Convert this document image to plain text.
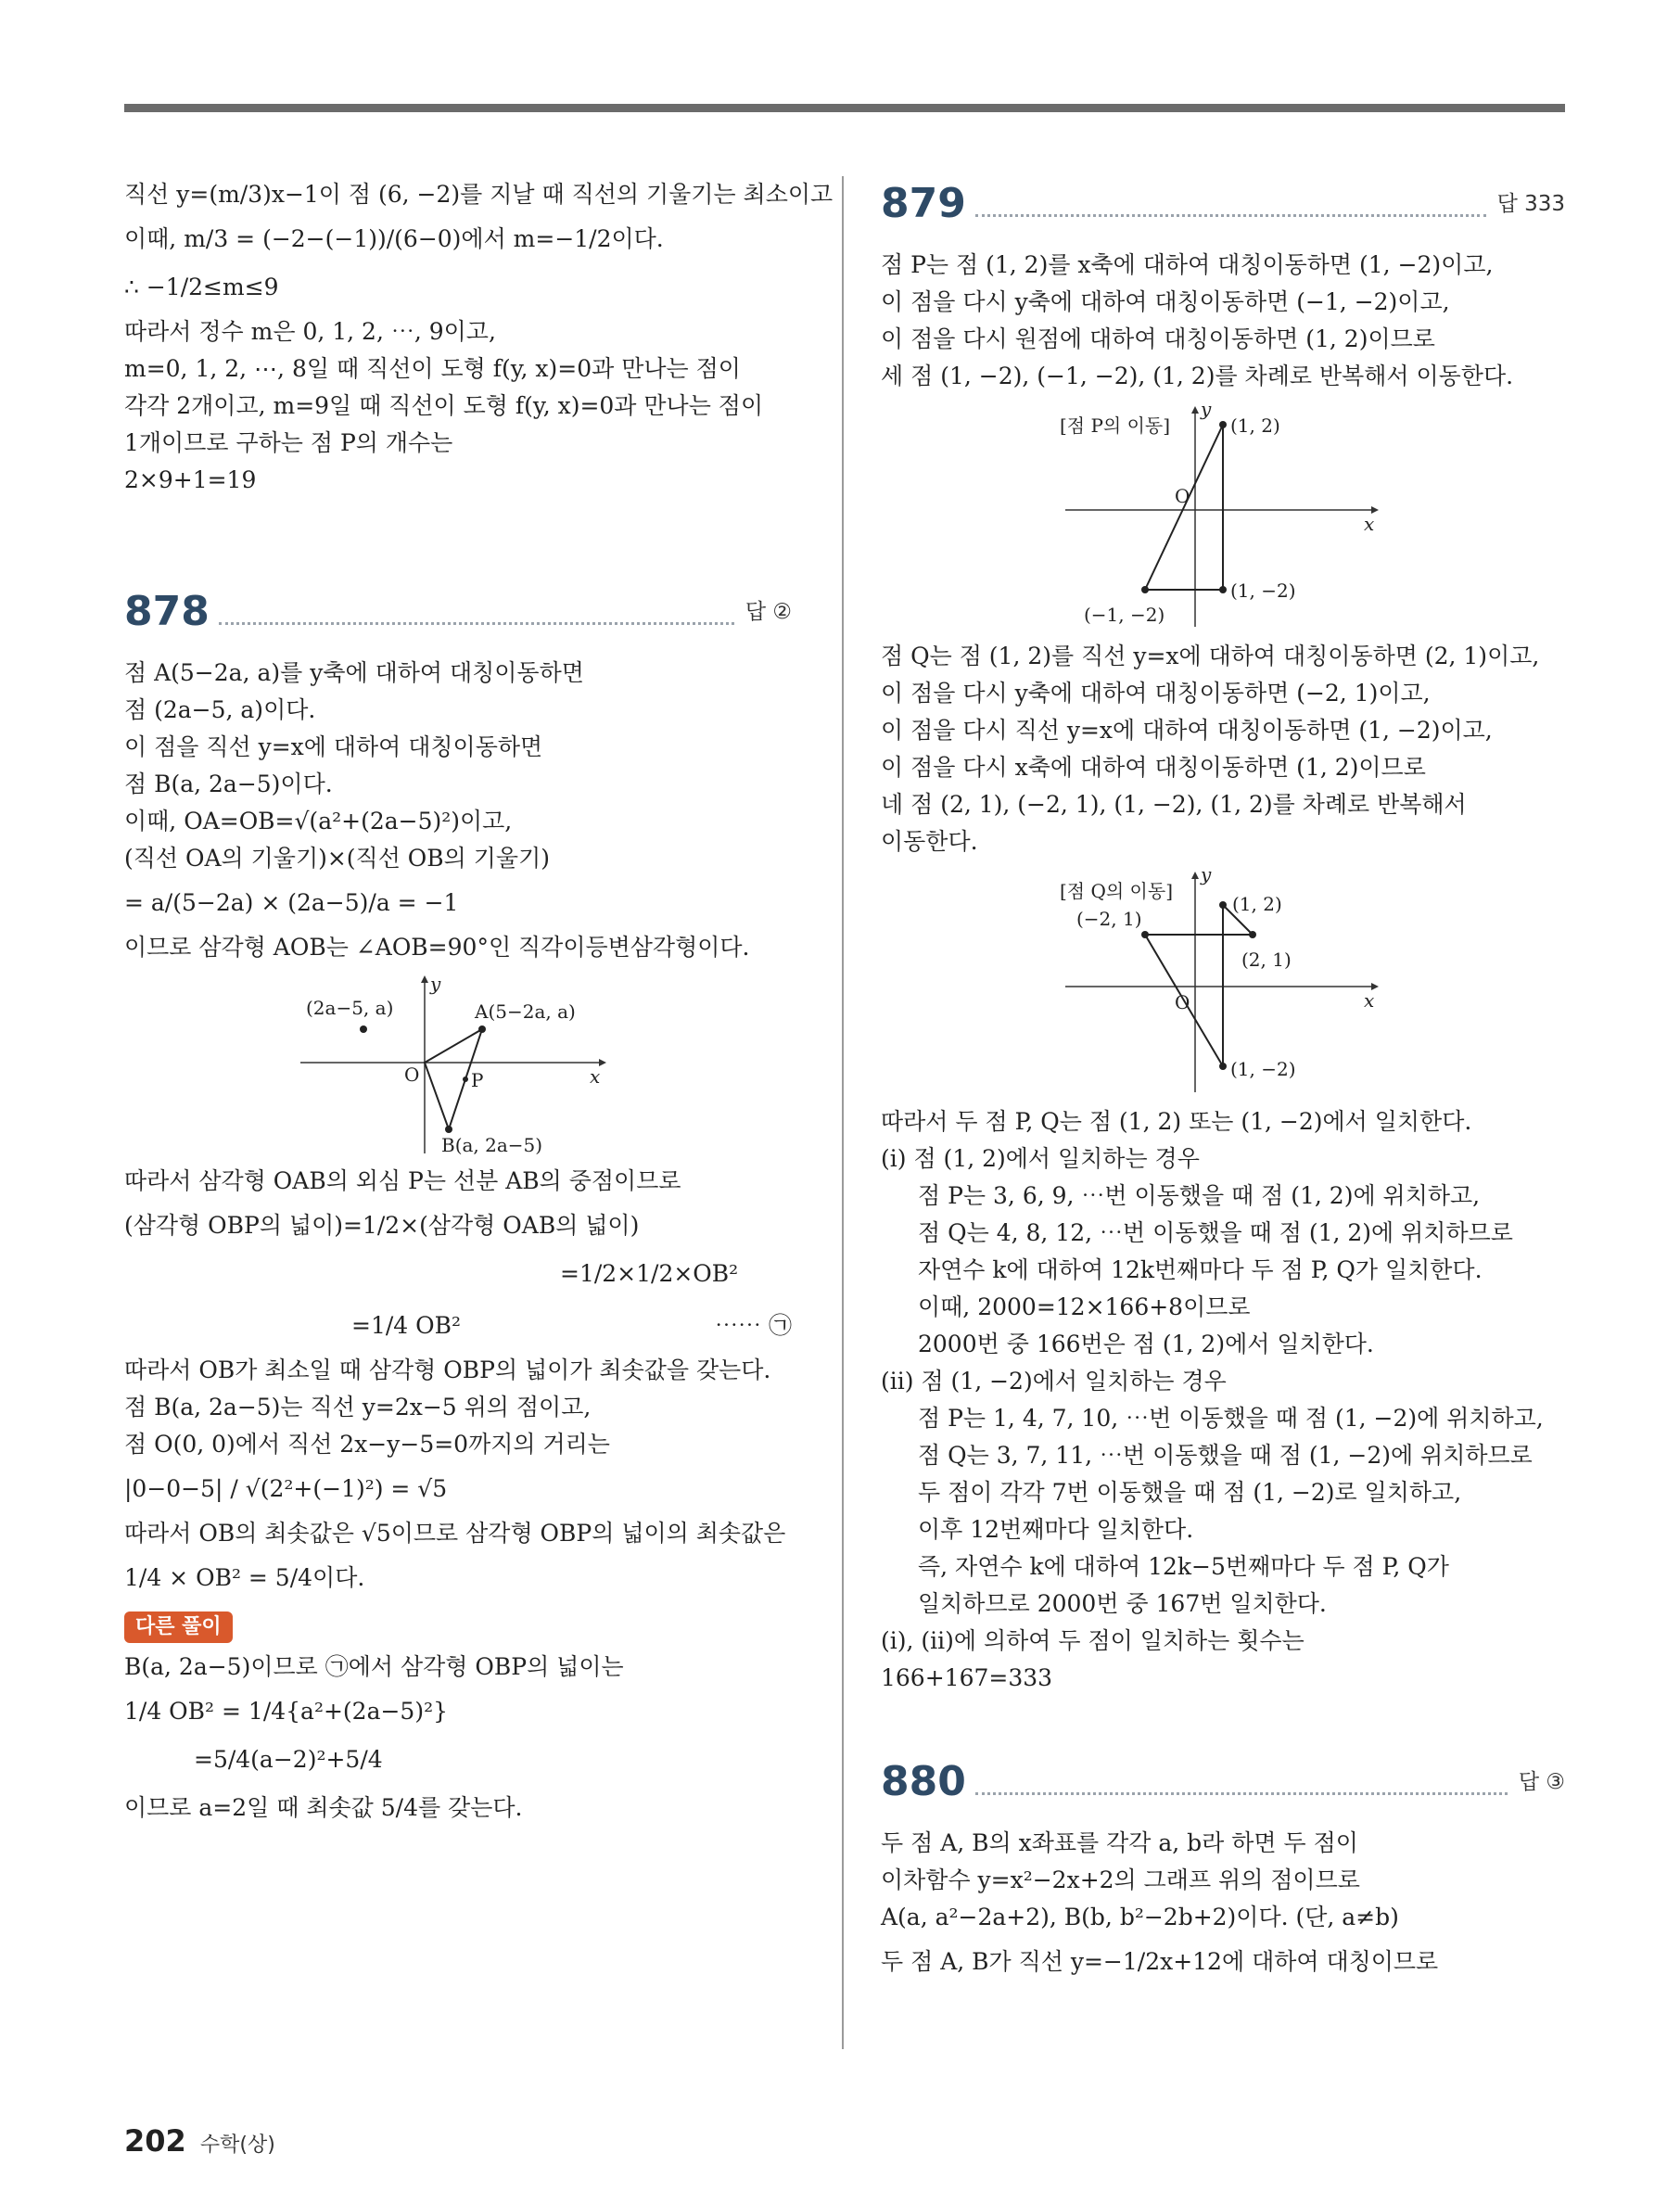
직선 y=(m/3)x−1이 점 (6, −2)를 지날 때 직선의 기울기는 최소이고

이때, m/3 = (−2−(−1))/(6−0)에서 m=−1/2이다.

∴ −1/2≤m≤9

따라서 정수 m은 0, 1, 2, ⋯, 9이고,

m=0, 1, 2, ⋯, 8일 때 직선이 도형 f(y, x)=0과 만나는 점이

각각 2개이고, m=9일 때 직선이 도형 f(y, x)=0과 만나는 점이

1개이므로 구하는 점 P의 개수는

2×9+1=19

878	답 ②

점 A(5−2a, a)를 y축에 대하여 대칭이동하면

점 (2a−5, a)이다.

이 점을 직선 y=x에 대하여 대칭이동하면

점 B(a, 2a−5)이다.

이때, OA=OB=√(a²+(2a−5)²)이고,

(직선 OA의 기울기)×(직선 OB의 기울기)

= a/(5−2a) × (2a−5)/a = −1

이므로 삼각형 AOB는 ∠AOB=90°인 직각이등변삼각형이다.

y
x
O	P
A(5−2a, a)
B(a, 2a−5)
(2a−5, a)

따라서 삼각형 OAB의 외심 P는 선분 AB의 중점이므로

(삼각형 OBP의 넓이)=1/2×(삼각형 OAB의 넓이)

=1/2×1/2×OB²

=1/4 OB²	⋯⋯ ㉠

따라서 OB가 최소일 때 삼각형 OBP의 넓이가 최솟값을 갖는다.

점 B(a, 2a−5)는 직선 y=2x−5 위의 점이고,

점 O(0, 0)에서 직선 2x−y−5=0까지의 거리는

|0−0−5| / √(2²+(−1)²) = √5

따라서 OB의 최솟값은 √5이므로 삼각형 OBP의 넓이의 최솟값은

1/4 × OB² = 5/4이다.

다른 풀이

B(a, 2a−5)이므로 ㉠에서 삼각형 OBP의 넓이는

1/4 OB² = 1/4{a²+(2a−5)²}

=5/4(a−2)²+5/4

이므로 a=2일 때 최솟값 5/4를 갖는다.

879	답 333

점 P는 점 (1, 2)를 x축에 대하여 대칭이동하면 (1, −2)이고,

이 점을 다시 y축에 대하여 대칭이동하면 (−1, −2)이고,

이 점을 다시 원점에 대하여 대칭이동하면 (1, 2)이므로

세 점 (1, −2), (−1, −2), (1, 2)를 차례로 반복해서 이동한다.

[점 P의 이동]
y
x
O
(1, 2)
(1, −2)
(−1, −2)

점 Q는 점 (1, 2)를 직선 y=x에 대하여 대칭이동하면 (2, 1)이고,

이 점을 다시 y축에 대하여 대칭이동하면 (−2, 1)이고,

이 점을 다시 직선 y=x에 대하여 대칭이동하면 (1, −2)이고,

이 점을 다시 x축에 대하여 대칭이동하면 (1, 2)이므로

네 점 (2, 1), (−2, 1), (1, −2), (1, 2)를 차례로 반복해서

이동한다.

[점 Q의 이동]
y
x
O
(1, 2)
(2, 1)
(−2, 1)
(1, −2)

따라서 두 점 P, Q는 점 (1, 2) 또는 (1, −2)에서 일치한다.

(ⅰ) 점 (1, 2)에서 일치하는 경우

점 P는 3, 6, 9, ⋯번 이동했을 때 점 (1, 2)에 위치하고,

점 Q는 4, 8, 12, ⋯번 이동했을 때 점 (1, 2)에 위치하므로

자연수 k에 대하여 12k번째마다 두 점 P, Q가 일치한다.

이때, 2000=12×166+8이므로

2000번 중 166번은 점 (1, 2)에서 일치한다.

(ⅱ) 점 (1, −2)에서 일치하는 경우

점 P는 1, 4, 7, 10, ⋯번 이동했을 때 점 (1, −2)에 위치하고,

점 Q는 3, 7, 11, ⋯번 이동했을 때 점 (1, −2)에 위치하므로

두 점이 각각 7번 이동했을 때 점 (1, −2)로 일치하고,

이후 12번째마다 일치한다.

즉, 자연수 k에 대하여 12k−5번째마다 두 점 P, Q가

일치하므로 2000번 중 167번 일치한다.

(ⅰ), (ⅱ)에 의하여 두 점이 일치하는 횟수는

166+167=333

880	답 ③

두 점 A, B의 x좌표를 각각 a, b라 하면 두 점이

이차함수 y=x²−2x+2의 그래프 위의 점이므로

A(a, a²−2a+2), B(b, b²−2b+2)이다. (단, a≠b)

두 점 A, B가 직선 y=−1/2x+12에 대하여 대칭이므로

202 수학(상)
